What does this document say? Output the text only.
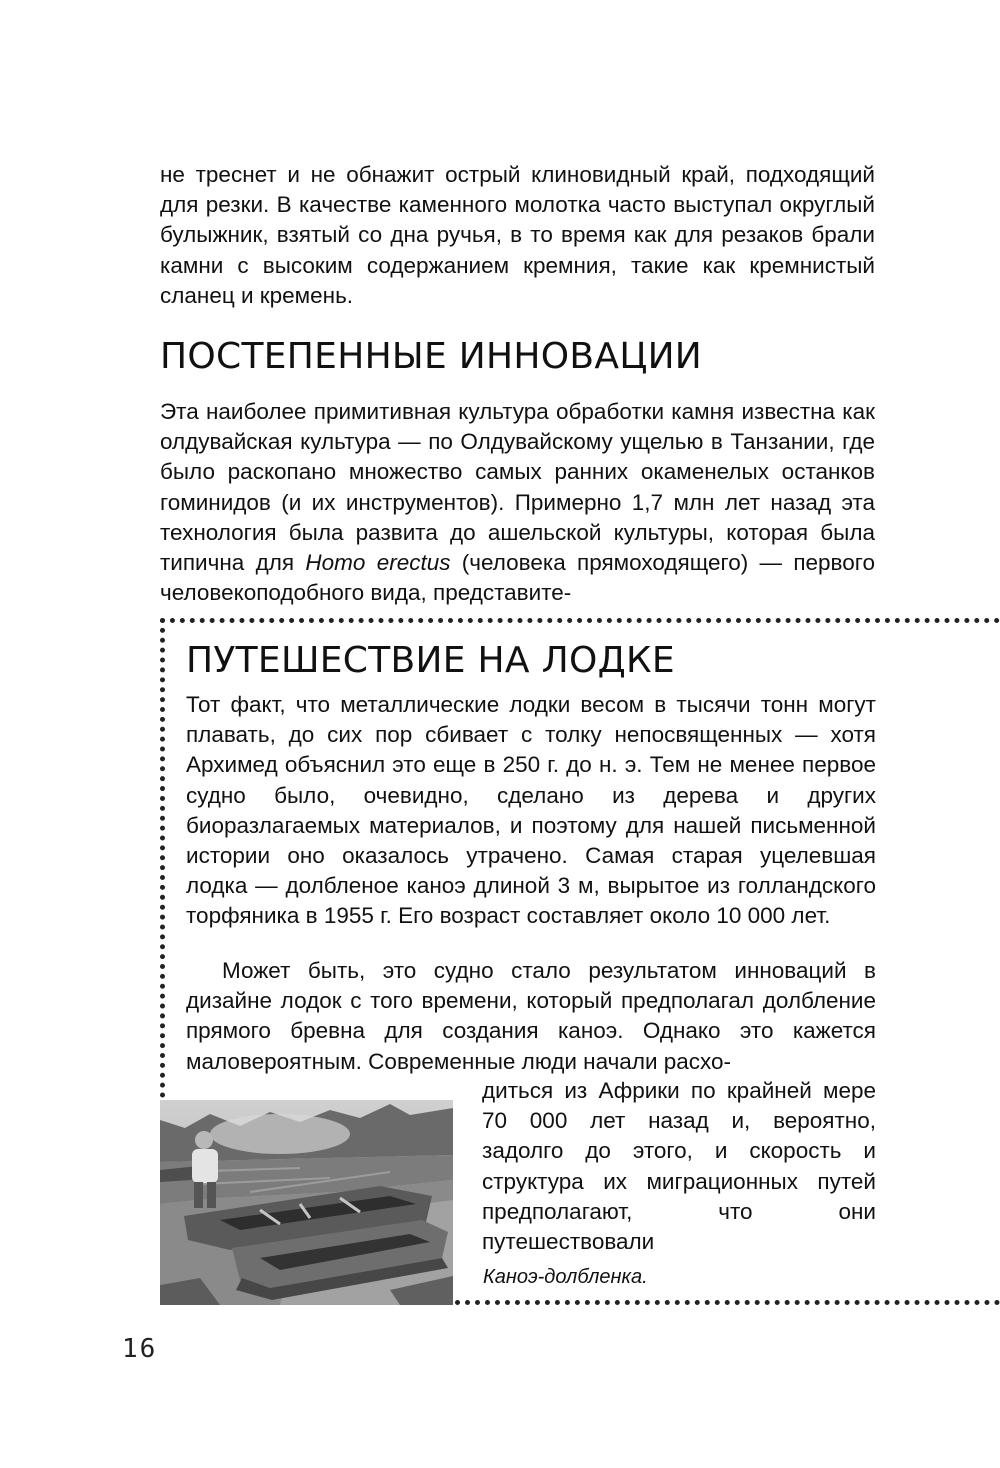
не треснет и не обнажит острый клиновидный край, подходящий для резки. В качестве каменного молотка часто выступал округлый булыжник, взятый со дна ручья, в то время как для резаков брали камни с высоким содержанием кремния, такие как кремнистый сланец и кремень.

ПОСТЕПЕННЫЕ ИННОВАЦИИ

Эта наиболее примитивная культура обработки камня известна как олдувайская культура — по Олдувайскому ущелью в Танзании, где было раскопано множество самых ранних окаменелых останков гоминидов (и их инструментов). Примерно 1,7 млн лет назад эта технология была развита до ашельской культуры, которая была типична для Homo erectus (человека прямоходящего) — первого человекоподобного вида, представите-

ПУТЕШЕСТВИЕ НА ЛОДКЕ

Тот факт, что металлические лодки весом в тысячи тонн могут плавать, до сих пор сбивает с толку непосвященных — хотя Архимед объяснил это еще в 250 г. до н. э. Тем не менее первое судно было, очевидно, сделано из дерева и других биоразлагаемых материалов, и поэтому для нашей письменной истории оно оказалось утрачено. Самая старая уцелевшая лодка — долбленое каноэ длиной 3 м, вырытое из голландского торфяника в 1955 г. Его возраст составляет около 10 000 лет.

Может быть, это судно стало результатом инноваций в дизайне лодок с того времени, который предполагал долбление прямого бревна для создания каноэ. Однако это кажется маловероятным. Современные люди начали расхо-

диться из Африки по крайней мере 70 000 лет назад и, вероятно, задолго до этого, и скорость и структура их миграционных путей предполагают, что они путешествовали

Каноэ-долбленка.

16
